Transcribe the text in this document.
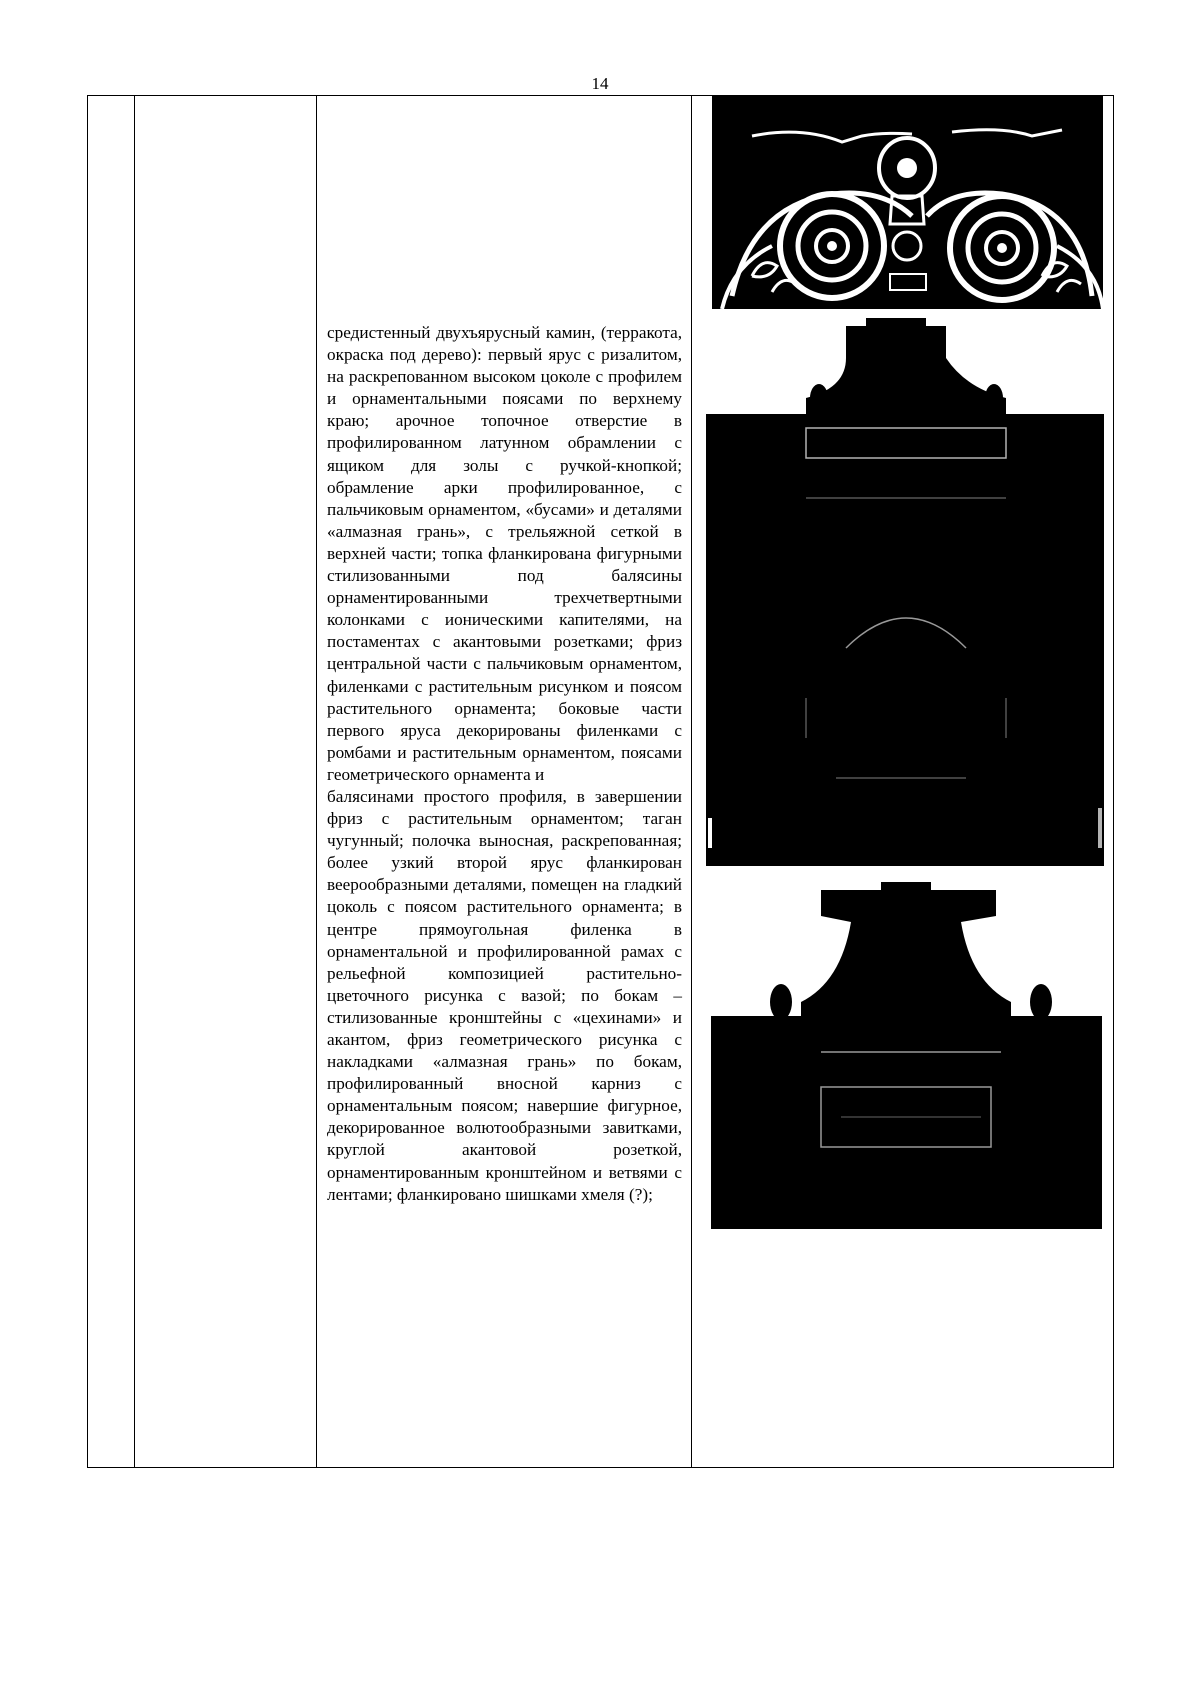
14

средистенный двухъярусный камин, (терракота, окраска под дерево): первый ярус с ризалитом, на раскрепованном высоком цоколе с профилем и орнаментальными поясами по верхнему краю; арочное топочное отверстие в профилированном латунном обрамлении с ящиком для золы с ручкой-кнопкой; обрамление арки профилированное, с пальчиковым орнаментом, «бусами» и деталями «алмазная грань», с трельяжной сеткой в верхней части; топка фланкирована фигурными стилизованными под балясины орнаментированными трехчетвертными колонками с ионическими капителями, на постаментах с акантовыми розетками; фриз центральной части с пальчиковым орнаментом, филенками с растительным рисунком и поясом растительного орнамента; боковые части первого яруса декорированы филенками с ромбами и растительным орнаментом, поясами геометрического орнамента и

балясинами простого профиля, в завершении фриз с растительным орнаментом; таган чугунный; полочка выносная, раскрепованная; более узкий второй ярус фланкирован веерообразными деталями, помещен на гладкий цоколь с поясом растительного орнамента; в центре прямоугольная филенка в орнаментальной и профилированной рамах с рельефной композицией растительно-цветочного рисунка с вазой; по бокам – стилизованные кронштейны с «цехинами» и акантом, фриз геометрического рисунка с накладками «алмазная грань» по бокам, профилированный вносной карниз с орнаментальным поясом; навершие фигурное, декорированное волютообразными завитками, круглой акантовой розеткой, орнаментированным кронштейном и ветвями с лентами; фланкировано шишками хмеля (?);
